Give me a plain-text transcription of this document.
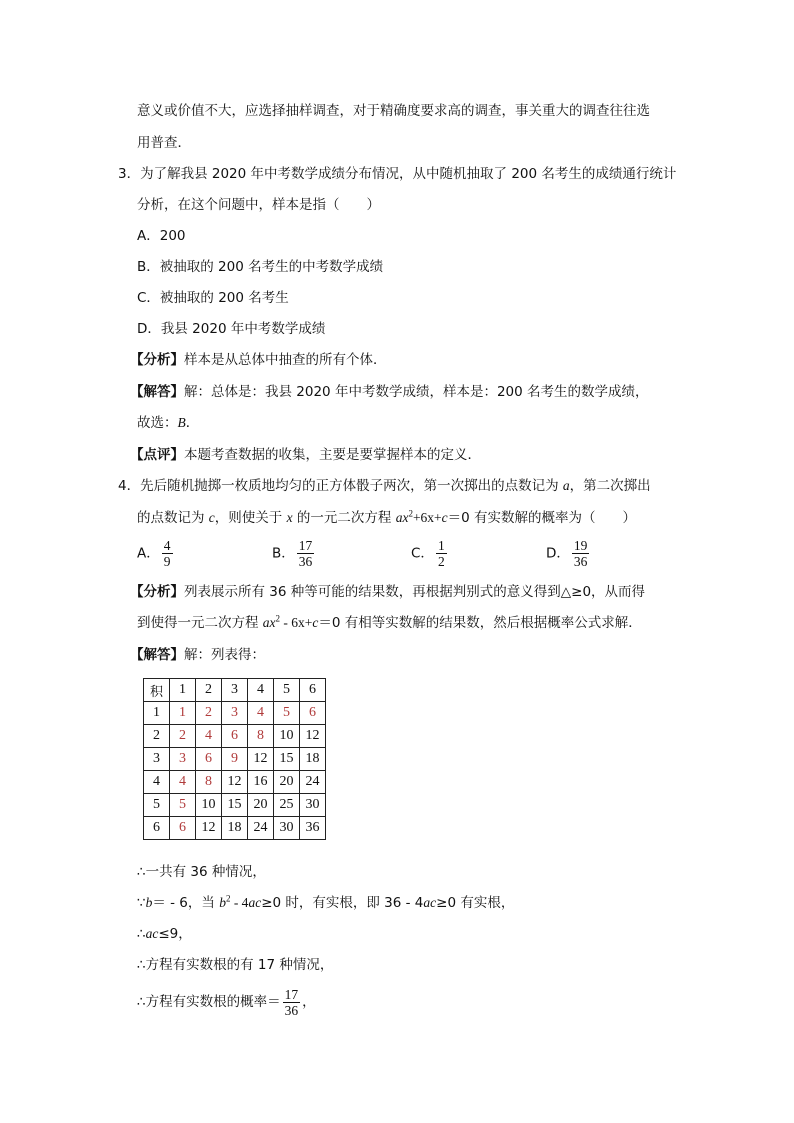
意义或价值不大，应选择抽样调查，对于精确度要求高的调查，事关重大的调查往往选
用普查．
3．为了解我县 2020 年中考数学成绩分布情况，从中随机抽取了 200 名考生的成绩通行统计
分析，在这个问题中，样本是指（　　）
A．200
B．被抽取的 200 名考生的中考数学成绩
C．被抽取的 200 名考生
D．我县 2020 年中考数学成绩
【分析】样本是从总体中抽查的所有个体．
【解答】解：总体是：我县 2020 年中考数学成绩，样本是：200 名考生的数学成绩，
故选：B．
【点评】本题考查数据的收集，主要是要掌握样本的定义．
4．先后随机抛掷一枚质地均匀的正方体骰子两次，第一次掷出的点数记为 a，第二次掷出
的点数记为 c，则使关于 x 的一元二次方程 $ax^2+6x+c=0$ 有实数解的概率为（　　）
A． $\frac{4}{9}$	B． $\frac{17}{36}$	C． $\frac{1}{2}$	D． $\frac{19}{36}$
【分析】列表展示所有 36 种等可能的结果数，再根据判别式的意义得到△≥0，从而得
到使得一元二次方程 $ax^2 - 6x+c=0$ 有相等实数解的结果数，然后根据概率公式求解．
【解答】解：列表得：
积	1	2	3	4	5	6
1	1	2	3	4	5	6
2	2	4	6	8	10	12
3	3	6	9	12	15	18
4	4	8	12	16	20	24
5	5	10	15	20	25	30
6	6	12	18	24	30	36
∴一共有 36 种情况，
∵b＝ - 6，当 $b^2 - 4ac\ge 0$ 时，有实根，即 36 - 4ac≥0 有实根，
∴ac≤9，
∴方程有实数根的有 17 种情况，
∴方程有实数根的概率＝ $\frac{17}{36}$ ，
